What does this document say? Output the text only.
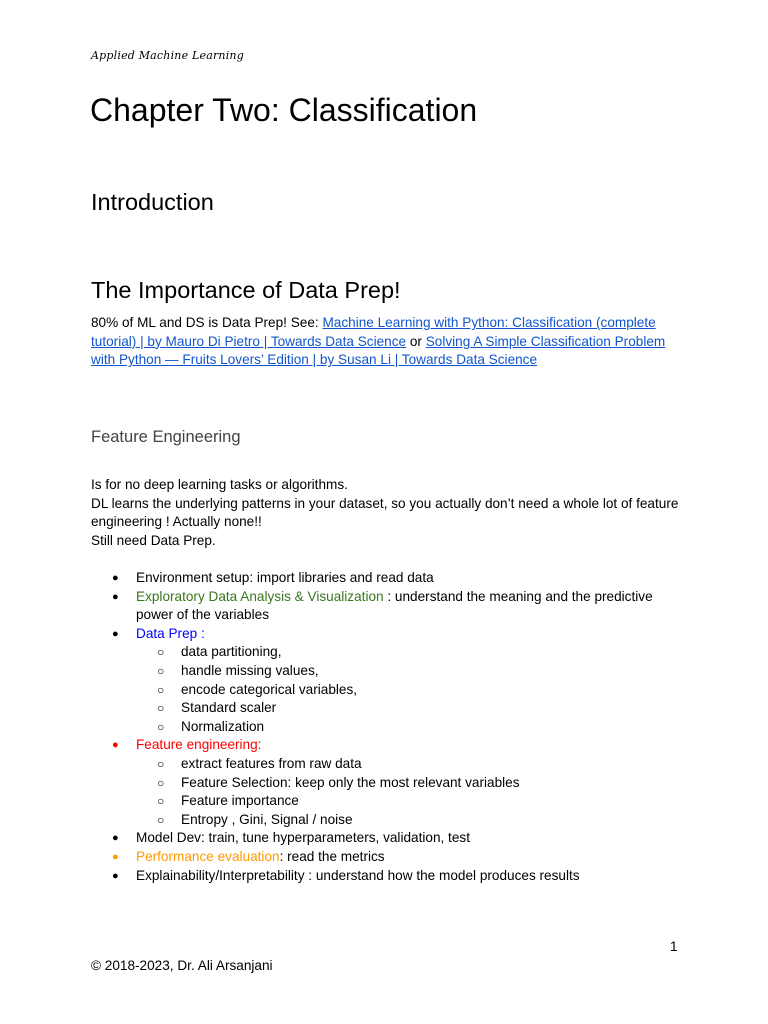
Applied Machine Learning
Chapter Two: Classification
Introduction
The Importance of Data Prep!

80% of ML and DS is Data Prep! See: Machine Learning with Python: Classification (complete tutorial) | by Mauro Di Pietro | Towards Data Science or Solving A Simple Classification Problem with Python — Fruits Lovers’ Edition | by Susan Li | Towards Data Science

Feature Engineering
Is for no deep learning tasks or algorithms.
DL learns the underlying patterns in your dataset, so you actually don’t need a whole lot of feature engineering ! Actually none!!
Still need Data Prep.
● Environment setup: import libraries and read data
● Exploratory Data Analysis & Visualization : understand the meaning and the predictive power of the variables
● Data Prep :
○ data partitioning,
○ handle missing values,
○ encode categorical variables,
○ Standard scaler
○ Normalization
● Feature engineering:
○ extract features from raw data
○ Feature Selection: keep only the most relevant variables
○ Feature importance
○ Entropy , Gini, Signal / noise
● Model Dev: train, tune hyperparameters, validation, test
● Performance evaluation: read the metrics
● Explainability/Interpretability : understand how the model produces results
1
© 2018-2023, Dr. Ali Arsanjani
